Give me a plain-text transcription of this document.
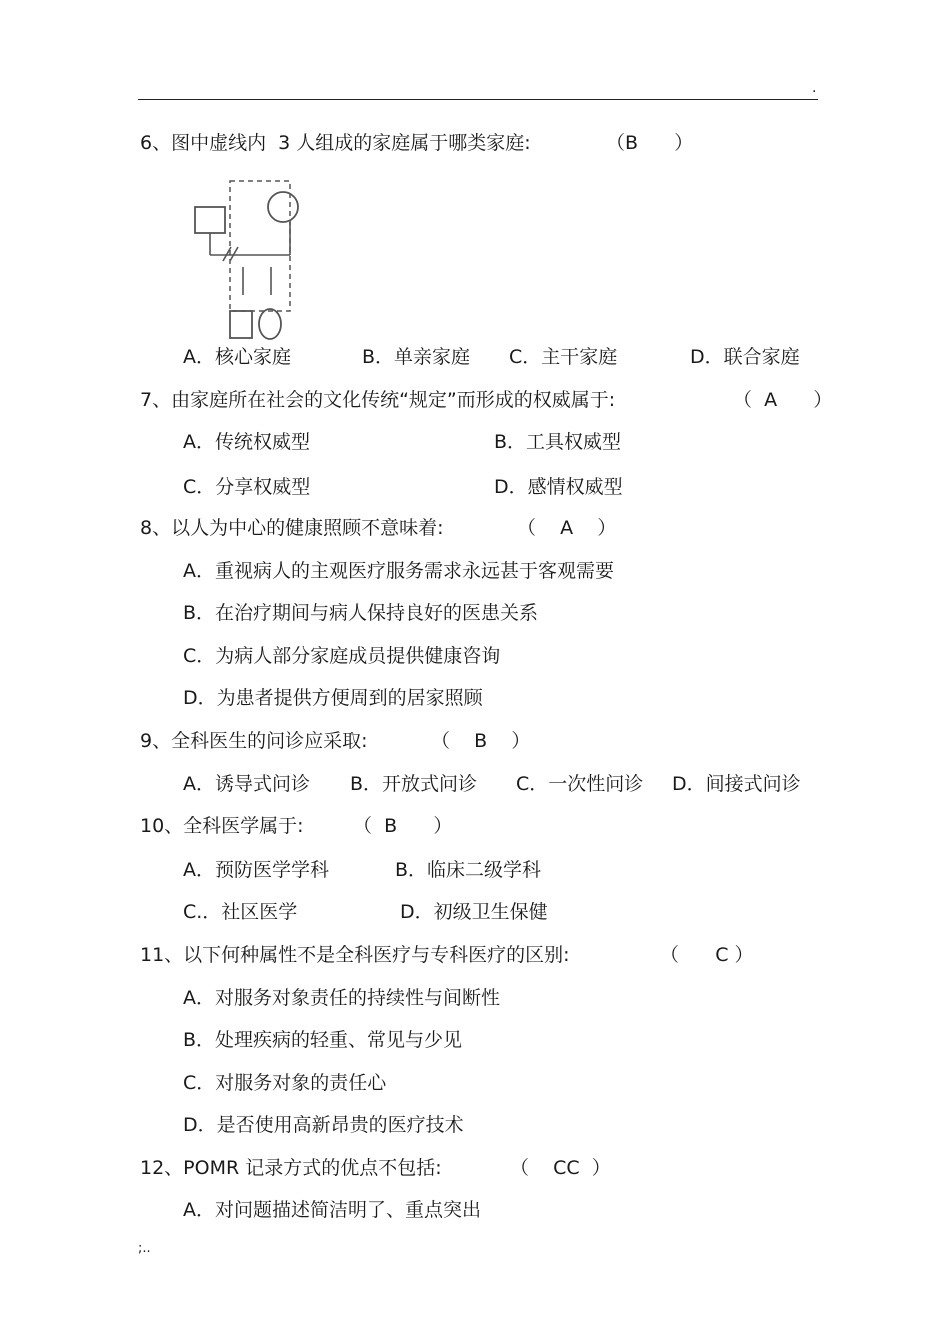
.
6、图中虚线内  3 人组成的家庭属于哪类家庭:	（B      ）
A．核心家庭	B．单亲家庭 C．主干家庭	D．联合家庭
7、由家庭所在社会的文化传统“规定”而形成的权威属于:	（  A      ）
A．传统权威型	B．工具权威型
C．分享权威型	D．感情权威型
8、以人为中心的健康照顾不意味着:	（    A    ）
A．重视病人的主观医疗服务需求永远甚于客观需要
B．在治疗期间与病人保持良好的医患关系
C．为病人部分家庭成员提供健康咨询
D．为患者提供方便周到的居家照顾
9、全科医生的问诊应采取:	（    B    ）
A．诱导式问诊 B．开放式问诊 C．一次性问诊 D．间接式问诊
10、全科医学属于:	（  B      ）
A．预防医学学科	B．临床二级学科
C.．社区医学	D．初级卫生保健
11、以下何种属性不是全科医疗与专科医疗的区别:	（      C ）
A．对服务对象责任的持续性与间断性
B．处理疾病的轻重、常见与少见
C．对服务对象的责任心
D．是否使用高新昂贵的医疗技术
12、POMR 记录方式的优点不包括:	（    CC  ）
A．对问题描述简洁明了、重点突出
;..
